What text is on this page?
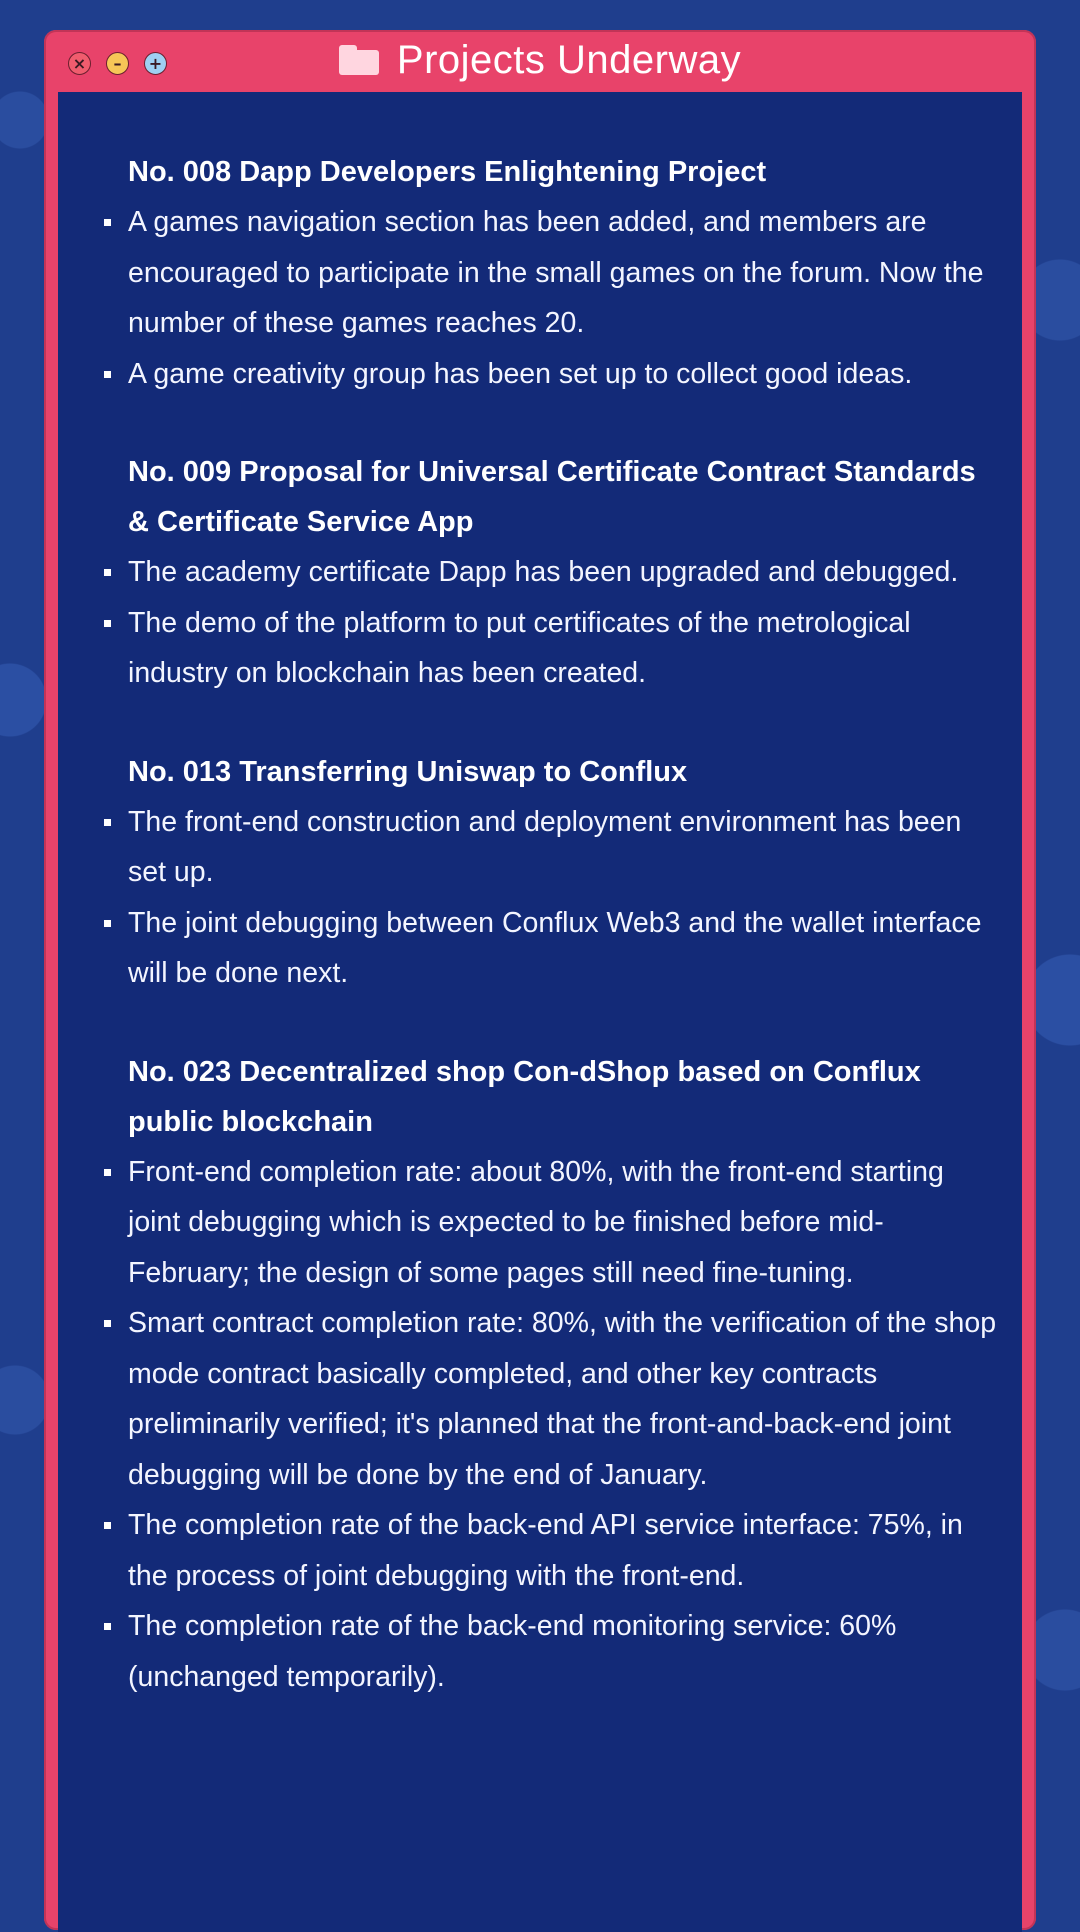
× – +	Projects Underway
No. 008 Dapp Developers Enlightening Project
A games navigation section has been added, and members are encouraged to participate in the small games on the forum. Now the number of these games reaches 20.
A game creativity group has been set up to collect good ideas.
No. 009 Proposal for Universal Certificate Contract Standards & Certificate Service App
The academy certificate Dapp has been upgraded and debugged.
The demo of the platform to put certificates of the metrological industry on blockchain has been created.
No. 013 Transferring Uniswap to Conflux
The front-end construction and deployment environment has been set up.
The joint debugging between Conflux Web3 and the wallet interface will be done next.
No. 023 Decentralized shop Con-dShop based on Conflux public blockchain
Front-end completion rate: about 80%, with the front-end starting joint debugging which is expected to be finished before mid-February; the design of some pages still need fine-tuning.
Smart contract completion rate: 80%, with the verification of the shop mode contract basically completed, and other key contracts preliminarily verified; it's planned that the front-and-back-end joint debugging will be done by the end of January.
The completion rate of the back-end API service interface: 75%, in the process of joint debugging with the front-end.
The completion rate of the back-end monitoring service: 60% (unchanged temporarily).
